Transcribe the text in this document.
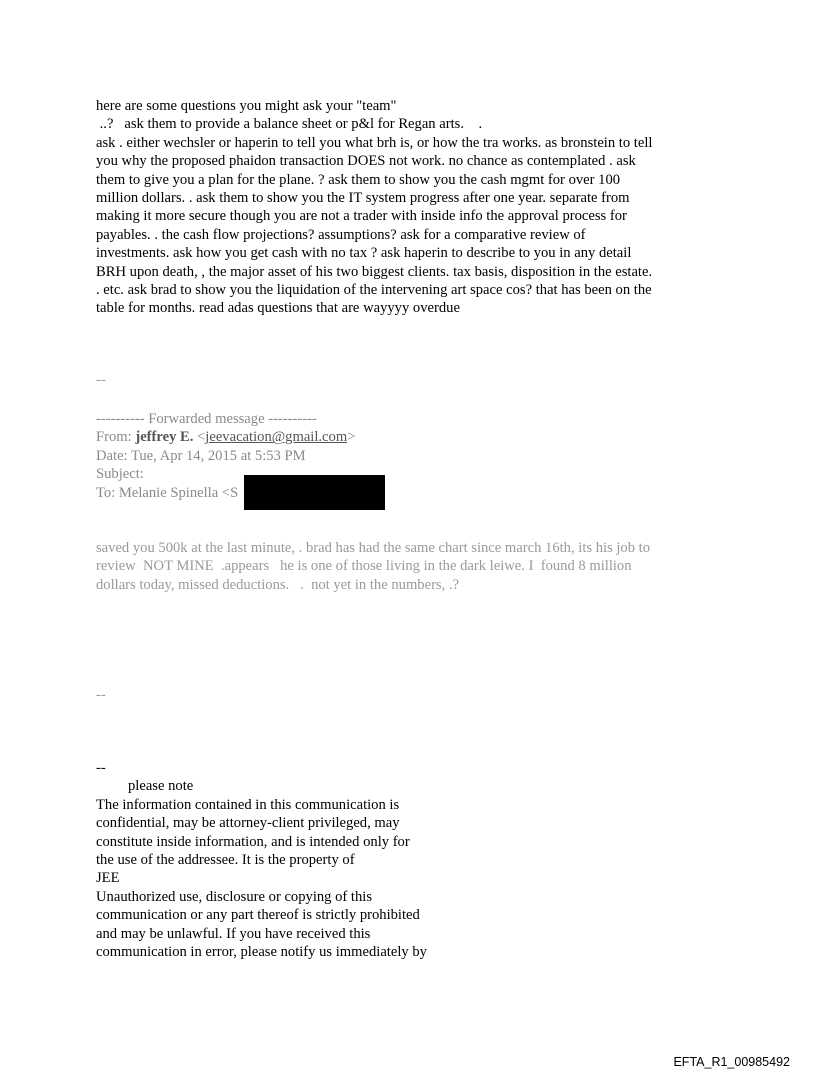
here are some questions you might ask your "team"
..?   ask them to provide a balance sheet or p&l for Regan arts.    .
ask . either wechsler or haperin to tell you what brh is, or how the tra works. as bronstein to tell
you why the proposed phaidon transaction DOES not work. no chance as contemplated . ask
them to give you a plan for the plane. ? ask them to show you the cash mgmt for over 100
million dollars. . ask them to show you the IT system progress after one year. separate from
making it more secure though you are not a trader with inside info the approval process for
payables. . the cash flow projections? assumptions? ask for a comparative review of
investments. ask how you get cash with no tax ? ask haperin to describe to you in any detail
BRH upon death, , the major asset of his two biggest clients. tax basis, disposition in the estate.
. etc. ask brad to show you the liquidation of the intervening art space cos? that has been on the
table for months. read adas questions that are wayyyy overdue
--
---------- Forwarded message ----------
From: jeffrey E. <jeevacation@gmail.com>
Date: Tue, Apr 14, 2015 at 5:53 PM
Subject:
To: Melanie Spinella <S
saved you 500k at the last minute, . brad has had the same chart since march 16th, its his job to
review  NOT MINE  .appears   he is one of those living in the dark leiwe. I  found 8 million
dollars today, missed deductions.   .  not yet in the numbers, .?
--
--
please note
The information contained in this communication is
confidential, may be attorney-client privileged, may
constitute inside information, and is intended only for
the use of the addressee. It is the property of
JEE
Unauthorized use, disclosure or copying of this
communication or any part thereof is strictly prohibited
and may be unlawful. If you have received this
communication in error, please notify us immediately by
EFTA_R1_00985492
